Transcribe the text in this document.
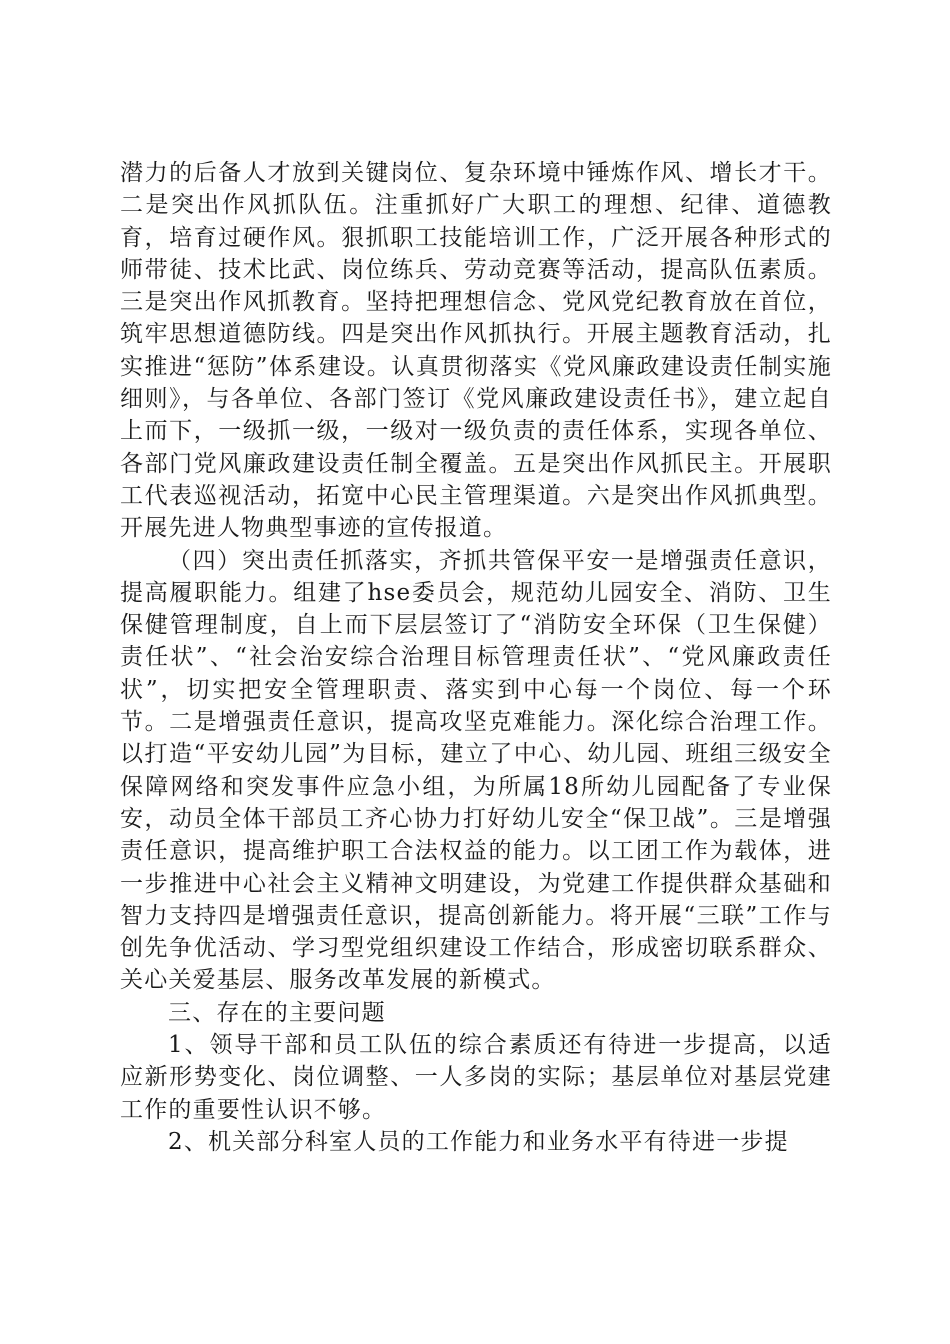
潜力的后备人才放到关键岗位、复杂环境中锤炼作风、增长才干。二是突出作风抓队伍。注重抓好广大职工的理想、纪律、道德教育，培育过硬作风。狠抓职工技能培训工作，广泛开展各种形式的师带徒、技术比武、岗位练兵、劳动竞赛等活动，提高队伍素质。三是突出作风抓教育。坚持把理想信念、党风党纪教育放在首位，筑牢思想道德防线。四是突出作风抓执行。开展主题教育活动，扎实推进“惩防”体系建设。认真贯彻落实《党风廉政建设责任制实施细则》，与各单位、各部门签订《党风廉政建设责任书》，建立起自上而下，一级抓一级，一级对一级负责的责任体系，实现各单位、各部门党风廉政建设责任制全覆盖。五是突出作风抓民主。开展职工代表巡视活动，拓宽中心民主管理渠道。六是突出作风抓典型。开展先进人物典型事迹的宣传报道。

（四）突出责任抓落实，齐抓共管保平安一是增强责任意识，提高履职能力。组建了hse委员会，规范幼儿园安全、消防、卫生保健管理制度，自上而下层层签订了“消防安全环保（卫生保健）责任状”、“社会治安综合治理目标管理责任状”、“党风廉政责任状”，切实把安全管理职责、落实到中心每一个岗位、每一个环节。二是增强责任意识，提高攻坚克难能力。深化综合治理工作。以打造“平安幼儿园”为目标，建立了中心、幼儿园、班组三级安全保障网络和突发事件应急小组，为所属18所幼儿园配备了专业保安，动员全体干部员工齐心协力打好幼儿安全“保卫战”。三是增强责任意识，提高维护职工合法权益的能力。以工团工作为载体，进一步推进中心社会主义精神文明建设，为党建工作提供群众基础和智力支持四是增强责任意识，提高创新能力。将开展“三联”工作与创先争优活动、学习型党组织建设工作结合，形成密切联系群众、关心关爱基层、服务改革发展的新模式。

三、存在的主要问题

1、领导干部和员工队伍的综合素质还有待进一步提高，以适应新形势变化、岗位调整、一人多岗的实际；基层单位对基层党建工作的重要性认识不够。

2、机关部分科室人员的工作能力和业务水平有待进一步提
